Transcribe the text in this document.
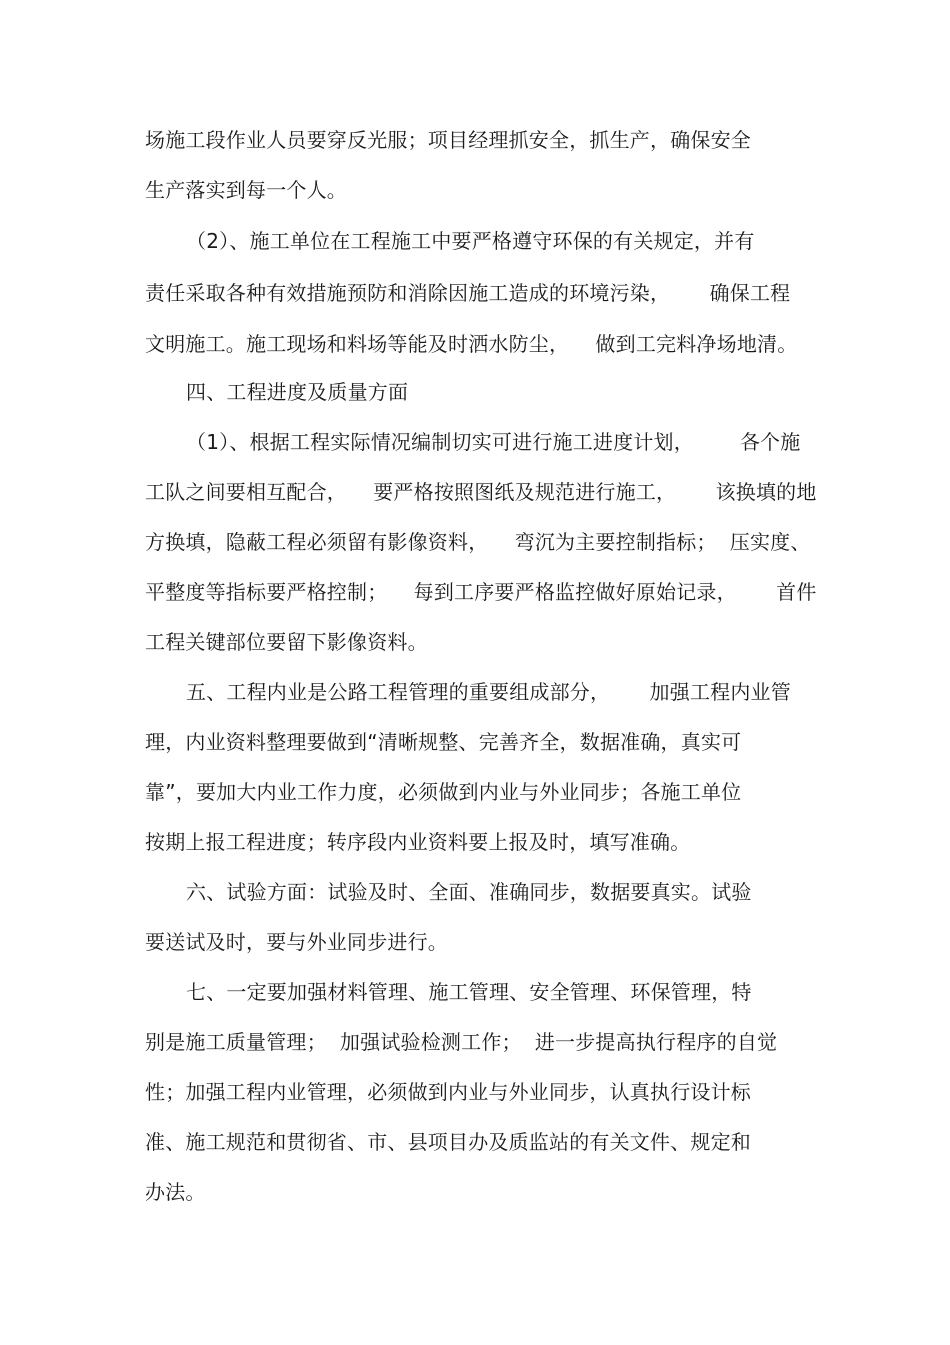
场施工段作业人员要穿反光服；项目经理抓安全，抓生产，确保安全
生产落实到每一个人。
（2）、施工单位在工程施工中要严格遵守环保的有关规定，并有
责任采取各种有效措施预防和消除因施工造成的环境污染，      确保工程
文明施工。施工现场和料场等能及时洒水防尘，    做到工完料净场地清。
四、工程进度及质量方面
（1）、根据工程实际情况编制切实可进行施工进度计划，       各个施
工队之间要相互配合，    要严格按照图纸及规范进行施工，      该换填的地
方换填，隐蔽工程必须留有影像资料，    弯沉为主要控制指标；  压实度、
平整度等指标要严格控制；    每到工序要严格监控做好原始记录，      首件
工程关键部位要留下影像资料。
五、工程内业是公路工程管理的重要组成部分，      加强工程内业管
理，内业资料整理要做到“清晰规整、完善齐全，数据准确，真实可
靠”，要加大内业工作力度，必须做到内业与外业同步；各施工单位
按期上报工程进度；转序段内业资料要上报及时，填写准确。
六、试验方面：试验及时、全面、准确同步，数据要真实。试验
要送试及时，要与外业同步进行。
七、一定要加强材料管理、施工管理、安全管理、环保管理，特
别是施工质量管理；  加强试验检测工作；  进一步提高执行程序的自觉
性；加强工程内业管理，必须做到内业与外业同步，认真执行设计标
准、施工规范和贯彻省、市、县项目办及质监站的有关文件、规定和
办法。
